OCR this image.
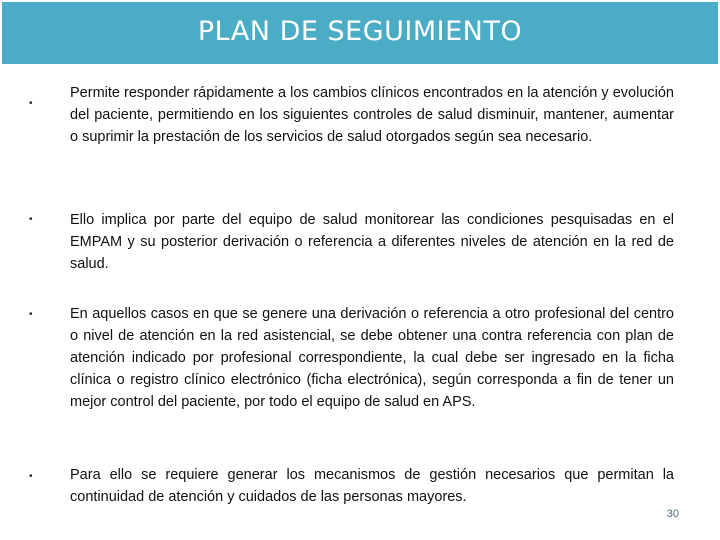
PLAN DE SEGUIMIENTO
•

Permite responder rápidamente a los cambios clínicos encontrados en la atención y evolución del paciente, permitiendo en los siguientes controles de salud disminuir, mantener, aumentar o suprimir la prestación de los servicios de salud otorgados según sea necesario.

•	Ello implica por parte del equipo de salud monitorear las condiciones pesquisadas en el EMPAM y su posterior derivación o referencia a diferentes niveles de atención en la red de salud.

•	En aquellos casos en que se genere una derivación o referencia a otro profesional del centro o nivel de atención en la red asistencial, se debe obtener una contra referencia con plan de atención indicado por profesional correspondiente, la cual debe ser ingresado en la ficha clínica o registro clínico electrónico (ficha electrónica), según corresponda a fin de tener un mejor control del paciente, por todo el equipo de salud en APS.

•	Para ello se requiere generar los mecanismos de gestión necesarios que permitan la continuidad de atención y cuidados de las personas mayores.

30
